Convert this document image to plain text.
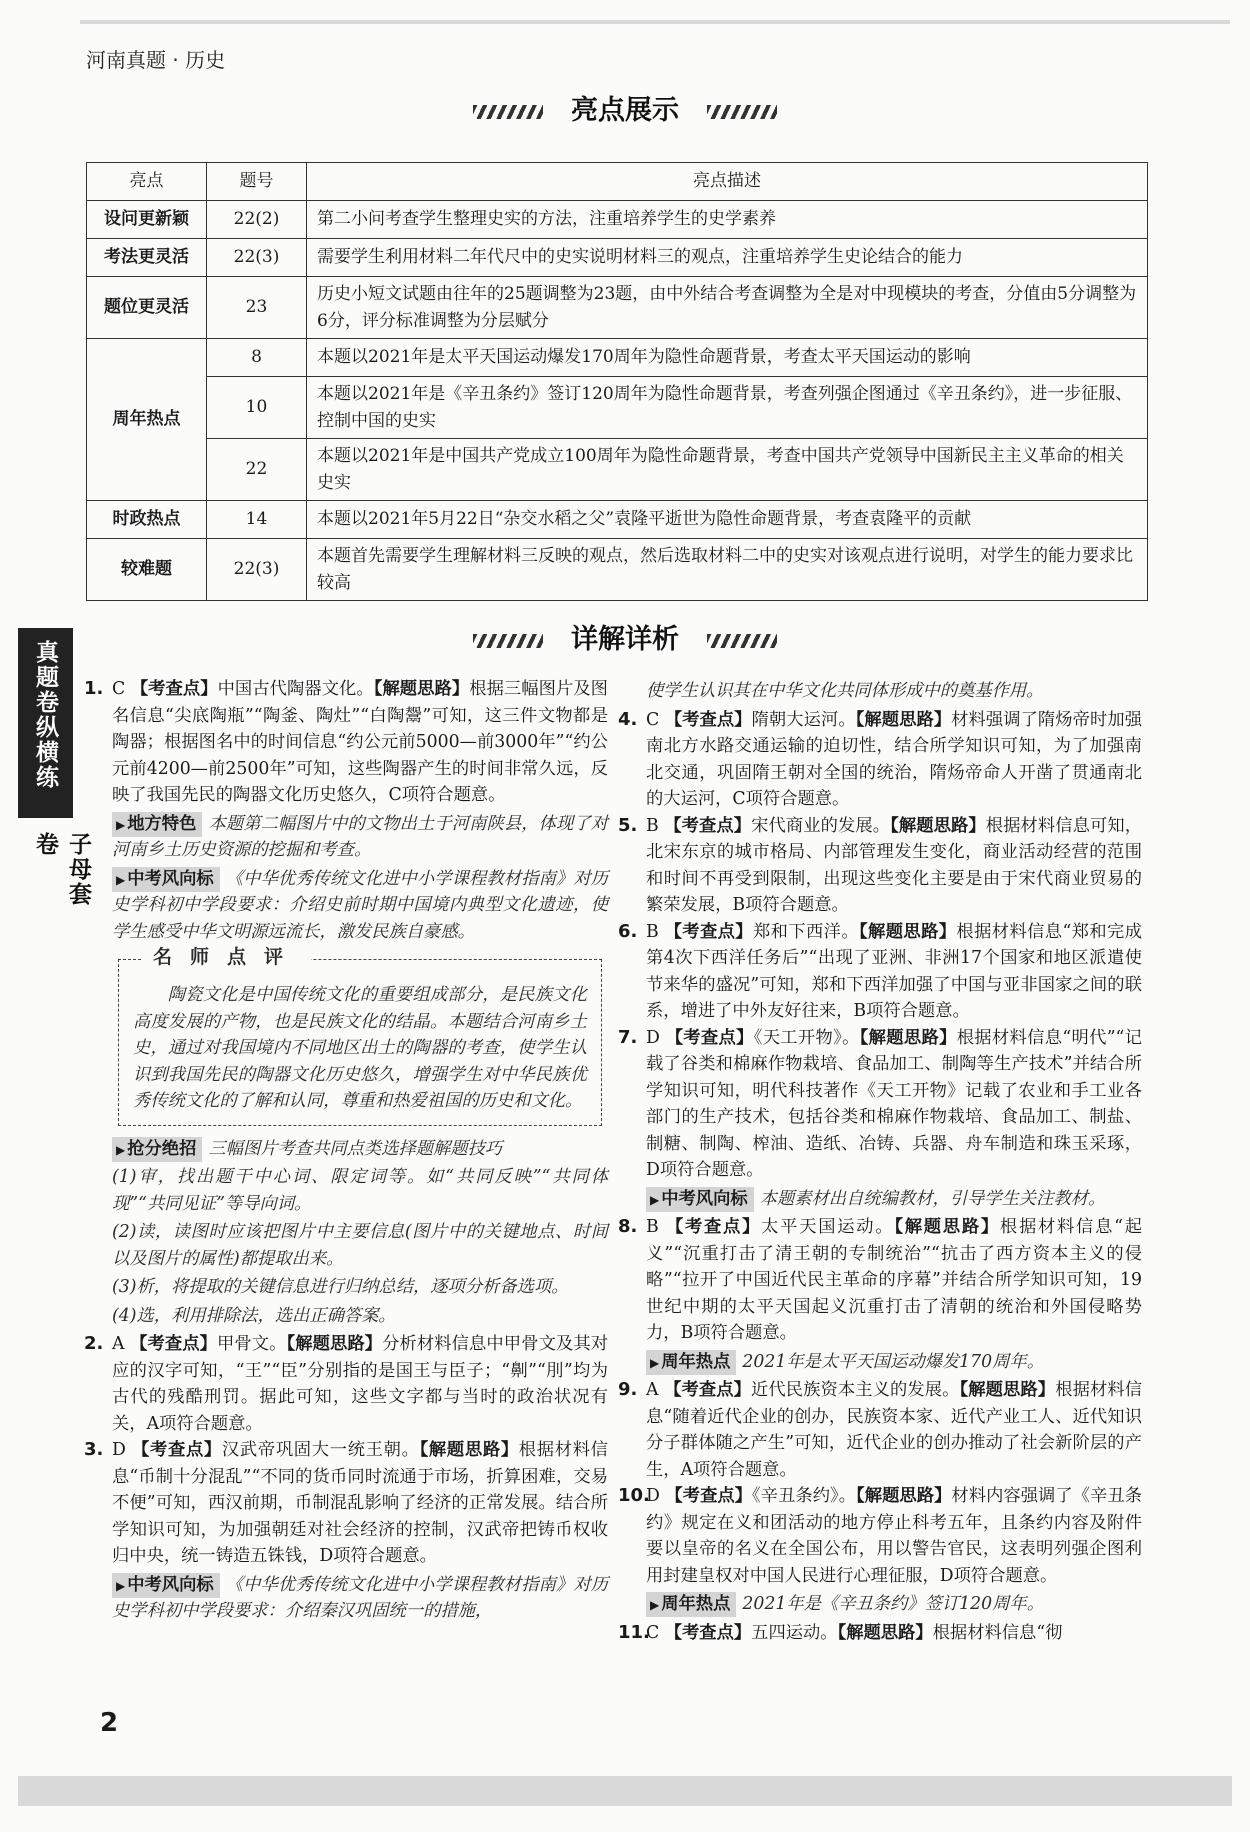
河南真题 · 历史
亮点展示
亮点	题号	亮点描述
设问更新颖	22(2)	第二小问考查学生整理史实的方法，注重培养学生的史学素养
考法更灵活	22(3)	需要学生利用材料二年代尺中的史实说明材料三的观点，注重培养学生史论结合的能力
题位更灵活	23	历史小短文试题由往年的25题调整为23题，由中外结合考查调整为全是对中现模块的考查，分值由5分调整为6分，评分标准调整为分层赋分
周年热点	8	本题以2021年是太平天国运动爆发170周年为隐性命题背景，考查太平天国运动的影响
	10	本题以2021年是《辛丑条约》签订120周年为隐性命题背景，考查列强企图通过《辛丑条约》，进一步征服、控制中国的史实
	22	本题以2021年是中国共产党成立100周年为隐性命题背景，考查中国共产党领导中国新民主主义革命的相关史实
时政热点	14	本题以2021年5月22日“杂交水稻之父”袁隆平逝世为隐性命题背景，考查袁隆平的贡献
较难题	22(3)	本题首先需要学生理解材料三反映的观点，然后选取材料二中的史实对该观点进行说明，对学生的能力要求比较高
详解详析
真题卷纵横练
子母套卷
1. C 【考查点】中国古代陶器文化。【解题思路】根据三幅图片及图名信息“尖底陶瓶”“陶釜、陶灶”“白陶鬶”可知，这三件文物都是陶器；根据图名中的时间信息“约公元前5000—前3000年”“约公元前4200—前2500年”可知，这些陶器产生的时间非常久远，反映了我国先民的陶器文化历史悠久，C项符合题意。
▶ 地方特色 本题第二幅图片中的文物出土于河南陕县，体现了对河南乡土历史资源的挖掘和考查。
▶ 中考风向标 《中华优秀传统文化进中小学课程教材指南》对历史学科初中学段要求：介绍史前时期中国境内典型文化遗迹，使学生感受中华文明源远流长，激发民族自豪感。
名师点评

陶瓷文化是中国传统文化的重要组成部分，是民族文化高度发展的产物，也是民族文化的结晶。本题结合河南乡土史，通过对我国境内不同地区出土的陶器的考查，使学生认识到我国先民的陶器文化历史悠久，增强学生对中华民族优秀传统文化的了解和认同，尊重和热爱祖国的历史和文化。

▶ 抢分绝招 三幅图片考查共同点类选择题解题技巧
(1)审，找出题干中心词、限定词等。如“共同反映”“共同体现”“共同见证”等导向词。
(2)读，读图时应该把图片中主要信息(图片中的关键地点、时间以及图片的属性)都提取出来。
(3)析，将提取的关键信息进行归纳总结，逐项分析备选项。
(4)选，利用排除法，选出正确答案。
2. A 【考查点】甲骨文。【解题思路】分析材料信息中甲骨文及其对应的汉字可知，“王”“臣”分别指的是国王与臣子；“劓”“刖”均为古代的残酷刑罚。据此可知，这些文字都与当时的政治状况有关，A项符合题意。
3. D 【考查点】汉武帝巩固大一统王朝。【解题思路】根据材料信息“币制十分混乱”“不同的货币同时流通于市场，折算困难，交易不便”可知，西汉前期，币制混乱影响了经济的正常发展。结合所学知识可知，为加强朝廷对社会经济的控制，汉武帝把铸币权收归中央，统一铸造五铢钱，D项符合题意。
▶ 中考风向标 《中华优秀传统文化进中小学课程教材指南》对历史学科初中学段要求：介绍秦汉巩固统一的措施，
使学生认识其在中华文化共同体形成中的奠基作用。
4. C 【考查点】隋朝大运河。【解题思路】材料强调了隋炀帝时加强南北方水路交通运输的迫切性，结合所学知识可知，为了加强南北交通，巩固隋王朝对全国的统治，隋炀帝命人开凿了贯通南北的大运河，C项符合题意。
5. B 【考查点】宋代商业的发展。【解题思路】根据材料信息可知，北宋东京的城市格局、内部管理发生变化，商业活动经营的范围和时间不再受到限制，出现这些变化主要是由于宋代商业贸易的繁荣发展，B项符合题意。
6. B 【考查点】郑和下西洋。【解题思路】根据材料信息“郑和完成第4次下西洋任务后”“出现了亚洲、非洲17个国家和地区派遣使节来华的盛况”可知，郑和下西洋加强了中国与亚非国家之间的联系，增进了中外友好往来，B项符合题意。
7. D 【考查点】《天工开物》。【解题思路】根据材料信息“明代”“记载了谷类和棉麻作物栽培、食品加工、制陶等生产技术”并结合所学知识可知，明代科技著作《天工开物》记载了农业和手工业各部门的生产技术，包括谷类和棉麻作物栽培、食品加工、制盐、制糖、制陶、榨油、造纸、冶铸、兵器、舟车制造和珠玉采琢，D项符合题意。
▶ 中考风向标 本题素材出自统编教材，引导学生关注教材。
8. B 【考查点】太平天国运动。【解题思路】根据材料信息“起义”“沉重打击了清王朝的专制统治”“抗击了西方资本主义的侵略”“拉开了中国近代民主革命的序幕”并结合所学知识可知，19世纪中期的太平天国起义沉重打击了清朝的统治和外国侵略势力，B项符合题意。
▶ 周年热点 2021年是太平天国运动爆发170周年。
9. A 【考查点】近代民族资本主义的发展。【解题思路】根据材料信息“随着近代企业的创办，民族资本家、近代产业工人、近代知识分子群体随之产生”可知，近代企业的创办推动了社会新阶层的产生，A项符合题意。
10.
D 【考查点】《辛丑条约》。【解题思路】材料内容强调了《辛丑条约》规定在义和团活动的地方停止科考五年，且条约内容及附件要以皇帝的名义在全国公布，用以警告官民，这表明列强企图利用封建皇权对中国人民进行心理征服，D项符合题意。
▶ 周年热点 2021年是《辛丑条约》签订120周年。
11.
C 【考查点】五四运动。【解题思路】根据材料信息“彻
2
